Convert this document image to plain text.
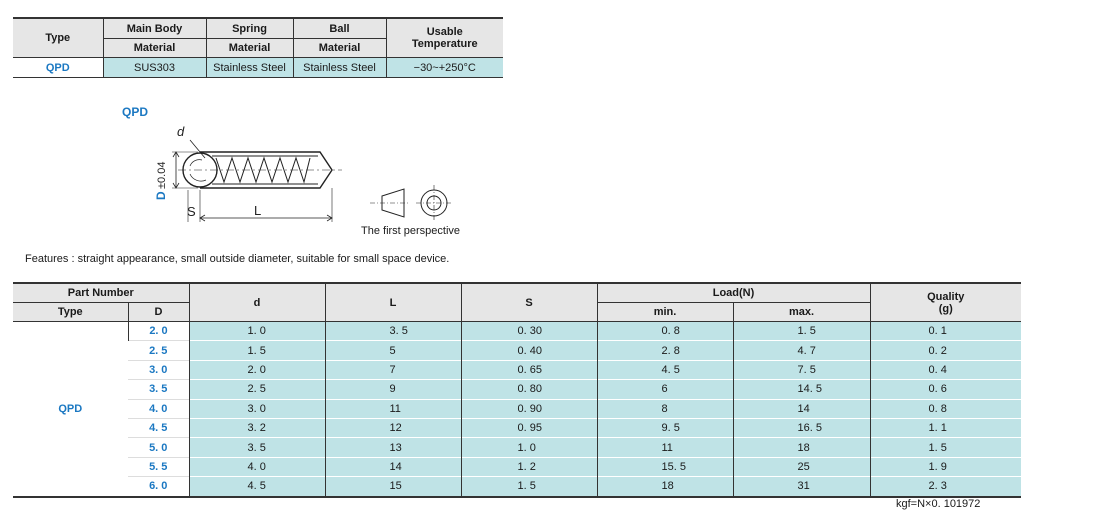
Type	Main Body	Spring	Ball	Usable Temperature
	Material	Material	Material	
QPD	SUS303	Stainless Steel	Stainless Steel	−30~+250°C
QPD
d
D
±0.04
S	L
The first perspective
Features : straight appearance, small outside diameter, suitable for small space device.
Part Number		d	L	S	Load(N)		Quality
(g)

Type	D				min.	max.	
QPD	2. 0	1. 0	3. 5	0. 30	0. 8	1. 5	0. 1
	2. 5	1. 5	5	0. 40	2. 8	4. 7	0. 2
	3. 0	2. 0	7	0. 65	4. 5	7. 5	0. 4
	3. 5	2. 5	9	0. 80	6	14. 5	0. 6
	4. 0	3. 0	11	0. 90	8	14	0. 8
	4. 5	3. 2	12	0. 95	9. 5	16. 5	1. 1
	5. 0	3. 5	13	1. 0	11	18	1. 5
	5. 5	4. 0	14	1. 2	15. 5	25	1. 9
	6. 0	4. 5	15	1. 5	18	31	2. 3
kgf=N×0. 101972
